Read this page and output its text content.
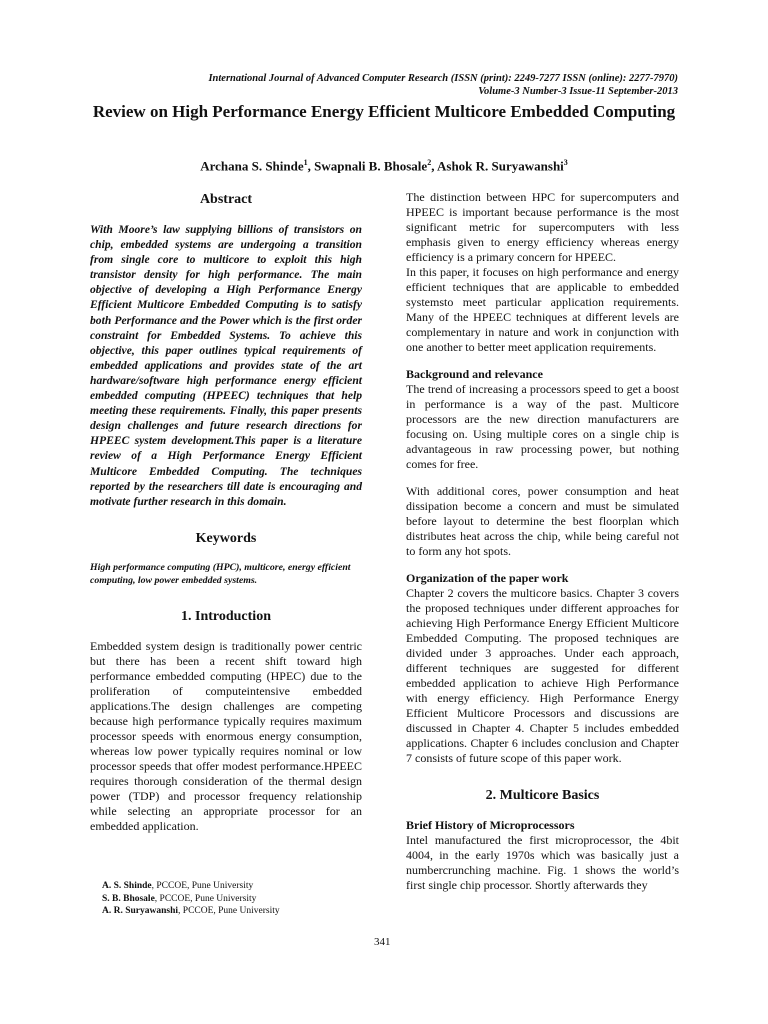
International Journal of Advanced Computer Research (ISSN (print): 2249-7277 ISSN (online): 2277-7970)
Volume-3 Number-3 Issue-11 September-2013
Review on High Performance Energy Efficient Multicore Embedded Computing
Archana S. Shinde$^1$, Swapnali B. Bhosale$^2$, Ashok R. Suryawanshi$^3$
Abstract

With Moore’s law supplying billions of transistors on chip, embedded systems are undergoing a transition from single core to multicore to exploit this high transistor density for high performance. The main objective of developing a High Performance Energy Efficient Multicore Embedded Computing is to satisfy both Performance and the Power which is the first order constraint for Embedded Systems. To achieve this objective, this paper outlines typical requirements of embedded applications and provides state of the art hardware/software high performance energy efficient embedded computing (HPEEC) techniques that help meeting these requirements. Finally, this paper presents design challenges and future research directions for HPEEC system development.This paper is a literature review of a High Performance Energy Efficient Multicore Embedded Computing. The techniques reported by the researchers till date is encouraging and motivate further research in this domain.

Keywords

High performance computing (HPC), multicore, energy efficient computing, low power embedded systems.

1. Introduction

Embedded system design is traditionally power centric but there has been a recent shift toward high performance embedded computing (HPEC) due to the proliferation of computeintensive embedded applications.The design challenges are competing because high performance typically requires maximum processor speeds with enormous energy consumption, whereas low power typically requires nominal or low processor speeds that offer modest performance.HPEEC requires thorough consideration of the thermal design power (TDP) and processor frequency relationship while selecting an appropriate processor for an embedded application.

A. S. Shinde, PCCOE, Pune University
S. B. Bhosale, PCCOE, Pune University
A. R. Suryawanshi, PCCOE, Pune University

The distinction between HPC for supercomputers and HPEEC is important because performance is the most significant metric for supercomputers with less emphasis given to energy efficiency whereas energy efficiency is a primary concern for HPEEC.

In this paper, it focuses on high performance and energy efficient techniques that are applicable to embedded systemsto meet particular application requirements. Many of the HPEEC techniques at different levels are complementary in nature and work in conjunction with one another to better meet application requirements.

Background and relevance

The trend of increasing a processors speed to get a boost in performance is a way of the past. Multicore processors are the new direction manufacturers are focusing on. Using multiple cores on a single chip is advantageous in raw processing power, but nothing comes for free.

With additional cores, power consumption and heat dissipation become a concern and must be simulated before layout to determine the best floorplan which distributes heat across the chip, while being careful not to form any hot spots.

Organization of the paper work

Chapter 2 covers the multicore basics. Chapter 3 covers the proposed techniques under different approaches for achieving High Performance Energy Efficient Multicore Embedded Computing. The proposed techniques are divided under 3 approaches. Under each approach, different techniques are suggested for different embedded application to achieve High Performance with energy efficiency. High Performance Energy Efficient Multicore Processors and discussions are discussed in Chapter 4. Chapter 5 includes embedded applications. Chapter 6 includes conclusion and Chapter 7 consists of future scope of this paper work.

2. Multicore Basics
Brief History of Microprocessors

Intel manufactured the first microprocessor, the 4bit 4004, in the early 1970s which was basically just a numbercrunching machine. Fig. 1 shows the world’s first single chip processor. Shortly afterwards they

341
